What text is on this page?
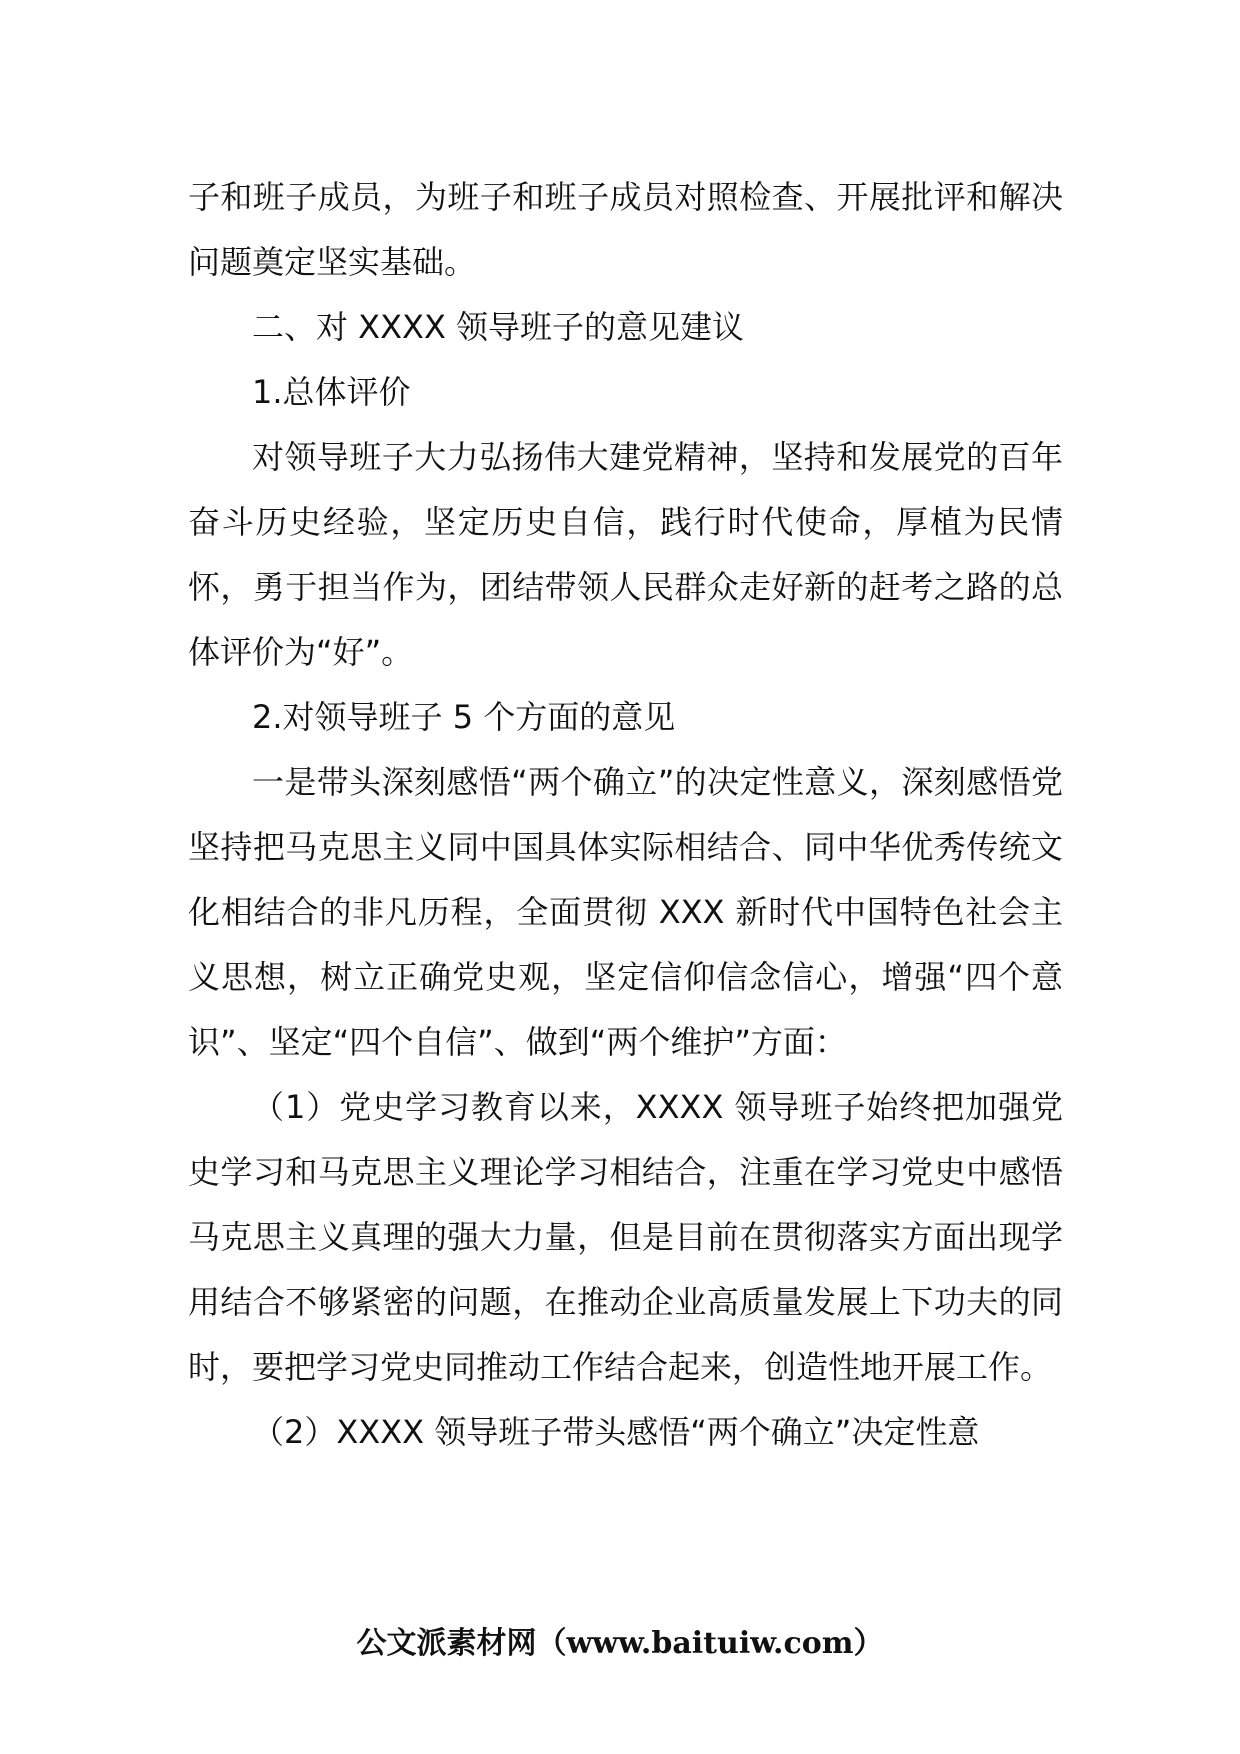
子和班子成员，为班子和班子成员对照检查、开展批评和解决问题奠定坚实基础。

二、对 XXXX 领导班子的意见建议

1.总体评价

对领导班子大力弘扬伟大建党精神，坚持和发展党的百年奋斗历史经验，坚定历史自信，践行时代使命，厚植为民情怀，勇于担当作为，团结带领人民群众走好新的赶考之路的总体评价为“好”。

2.对领导班子 5 个方面的意见

一是带头深刻感悟“两个确立”的决定性意义，深刻感悟党坚持把马克思主义同中国具体实际相结合、同中华优秀传统文化相结合的非凡历程，全面贯彻 XXX 新时代中国特色社会主义思想，树立正确党史观，坚定信仰信念信心，增强“四个意识”、坚定“四个自信”、做到“两个维护”方面：

（1）党史学习教育以来，XXXX 领导班子始终把加强党史学习和马克思主义理论学习相结合，注重在学习党史中感悟马克思主义真理的强大力量，但是目前在贯彻落实方面出现学用结合不够紧密的问题，在推动企业高质量发展上下功夫的同时，要把学习党史同推动工作结合起来，创造性地开展工作。

（2）XXXX 领导班子带头感悟“两个确立”决定性意

公文派素材网（www.baituiw.com）
